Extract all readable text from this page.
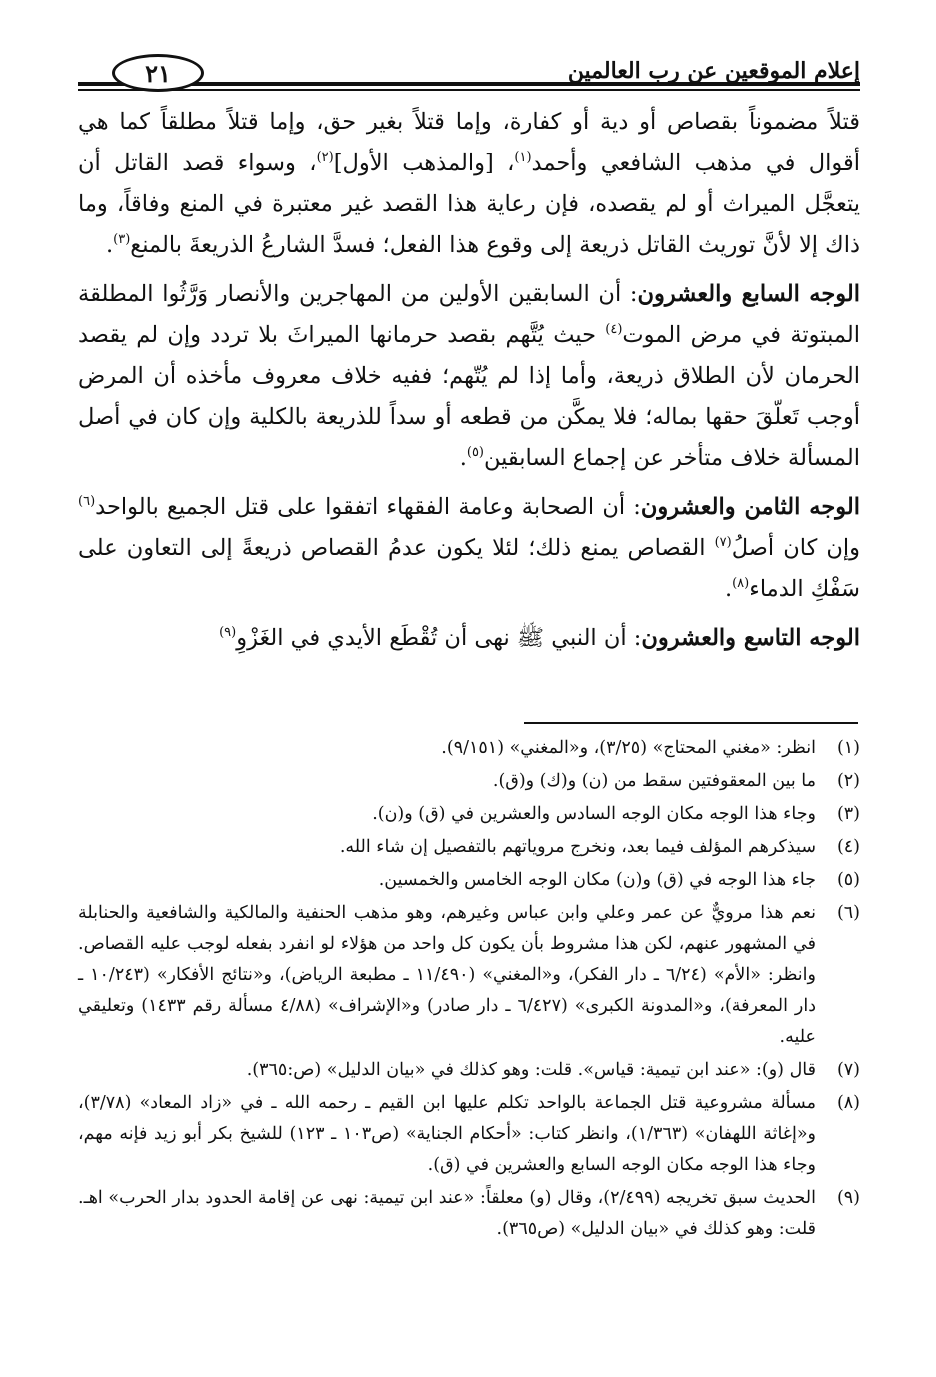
٢١	إعلام الموقعين عن رب العالمين

قتلاً مضموناً بقصاص أو دية أو كفارة، وإما قتلاً بغير حق، وإما قتلاً مطلقاً كما هي أقوال في مذهب الشافعي وأحمد$^{(١)}$، [والمذهب الأول]$^{(٢)}$، وسواء قصد القاتل أن يتعجَّل الميراث أو لم يقصده، فإن رعاية هذا القصد غير معتبرة في المنع وفاقاً، وما ذاك إلا لأنَّ توريث القاتل ذريعة إلى وقوع هذا الفعل؛ فسدَّ الشارعُ الذريعةَ بالمنع$^{(٣)}$.

الوجه السابع والعشرون: أن السابقين الأولين من المهاجرين والأنصار وَرَّثُوا المطلقة المبتوتة في مرض الموت$^{(٤)}$ حيث يُتَّهم بقصد حرمانها الميراثَ بلا تردد وإن لم يقصد الحرمان لأن الطلاق ذريعة، وأما إذا لم يُتّهم؛ ففيه خلاف معروف مأخذه أن المرض أوجب تَعلّقَ حقها بماله؛ فلا يمكَّن من قطعه أو سداً للذريعة بالكلية وإن كان في أصل المسألة خلاف متأخر عن إجماع السابقين$^{(٥)}$.

الوجه الثامن والعشرون: أن الصحابة وعامة الفقهاء اتفقوا على قتل الجميع بالواحد$^{(٦)}$ وإن كان أصلُ$^{(٧)}$ القصاص يمنع ذلك؛ لئلا يكون عدمُ القصاص ذريعةً إلى التعاون على سَفْكِ الدماء$^{(٨)}$.

الوجه التاسع والعشرون: أن النبي ﷺ نهى أن تُقْطَع الأيدي في الغَزْوِ$^{(٩)}$

(١)
انظر: «مغني المحتاج» (٣/٢٥)، و«المغني» (٩/١٥١).
(٢)
ما بين المعقوفتين سقط من (ن) و(ك) و(ق).
(٣)
وجاء هذا الوجه مكان الوجه السادس والعشرين في (ق) و(ن).
(٤)
سيذكرهم المؤلف فيما بعد، ونخرج مروياتهم بالتفصيل إن شاء الله.
(٥)
جاء هذا الوجه في (ق) و(ن) مكان الوجه الخامس والخمسين.
(٦)
نعم هذا مرويٌّ عن عمر وعلي وابن عباس وغيرهم، وهو مذهب الحنفية والمالكية والشافعية والحنابلة في المشهور عنهم، لكن هذا مشروط بأن يكون كل واحد من هؤلاء لو انفرد بفعله لوجب عليه القصاص. وانظر: «الأم» (٦/٢٤ ـ دار الفكر)، و«المغني» (١١/٤٩٠ ـ مطبعة الرياض)، و«نتائج الأفكار» (١٠/٢٤٣ ـ دار المعرفة)، و«المدونة الكبرى» (٦/٤٢٧ ـ دار صادر) و«الإشراف» (٤/٨٨ مسألة رقم ١٤٣٣) وتعليقي عليه.
(٧)
قال (و): «عند ابن تيمية: قياس». قلت: وهو كذلك في «بيان الدليل» (ص:٣٦٥).
(٨)
مسألة مشروعية قتل الجماعة بالواحد تكلم عليها ابن القيم ـ رحمه الله ـ في «زاد المعاد» (٣/٧٨)، و«إغاثة اللهفان» (١/٣٦٣)، وانظر كتاب: «أحكام الجناية» (ص١٠٣ ـ ١٢٣) للشيخ بكر أبو زيد فإنه مهم، وجاء هذا الوجه مكان الوجه السابع والعشرين في (ق).
(٩)
الحديث سبق تخريجه (٢/٤٩٩)، وقال (و) معلقاً: «عند ابن تيمية: نهى عن إقامة الحدود بدار الحرب» اهـ. قلت: وهو كذلك في «بيان الدليل» (ص٣٦٥).
